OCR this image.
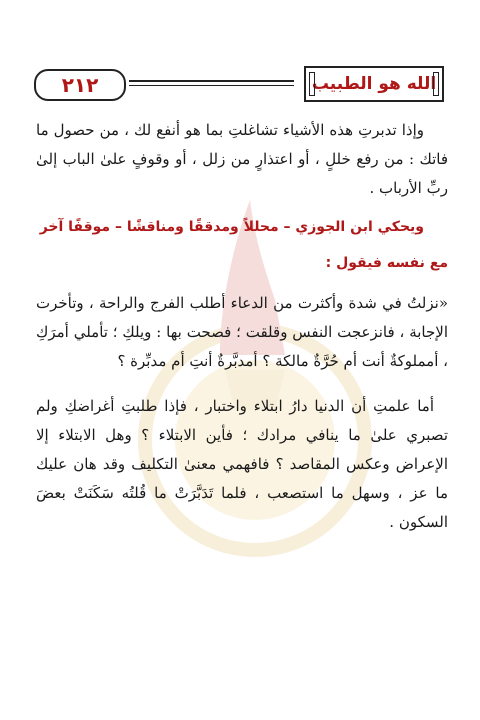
٢١٢	الله هو الطبيب

وإذا تدبرتِ هذه الأشياء تشاغلتِ بما هو أنفع لك ، من حصول ما فاتك : من رفع خللٍ ، أو اعتذارٍ من زلل ، أو وقوفٍ علىٰ الباب إلىٰ ربِّ الأرباب .

ويحكي ابن الجوزي – محللاً ومدققًا ومناقشًا – موقفًا آخر مع نفسه فيقول :

«نزلتُ في شدة وأكثرت من الدعاء أطلب الفرج والراحة ، وتأخرت الإجابة ، فانزعجت النفس وقلقت ؛ فصحت بها : ويلكِ ؛ تأملي أمرَكِ ، أمملوكةٌ أنت أم حُرَّةٌ مالكة ؟ أمدبَّرةٌ أنتِ أم مدبِّرة ؟

أما علمتِ أن الدنيا دارُ ابتلاء واختبار ، فإذا طلبتِ أغراضكِ ولم تصبري علىٰ ما ينافي مرادك ؛ فأين الابتلاء ؟ وهل الابتلاء إلا الإعراض وعكس المقاصد ؟ فافهمي معنىٰ التكليف وقد هان عليك ما عز ، وسهل ما استصعب ، فلما تَدَبَّرَتْ ما قُلتُه سَكَنَتْ بعضَ السكون .
